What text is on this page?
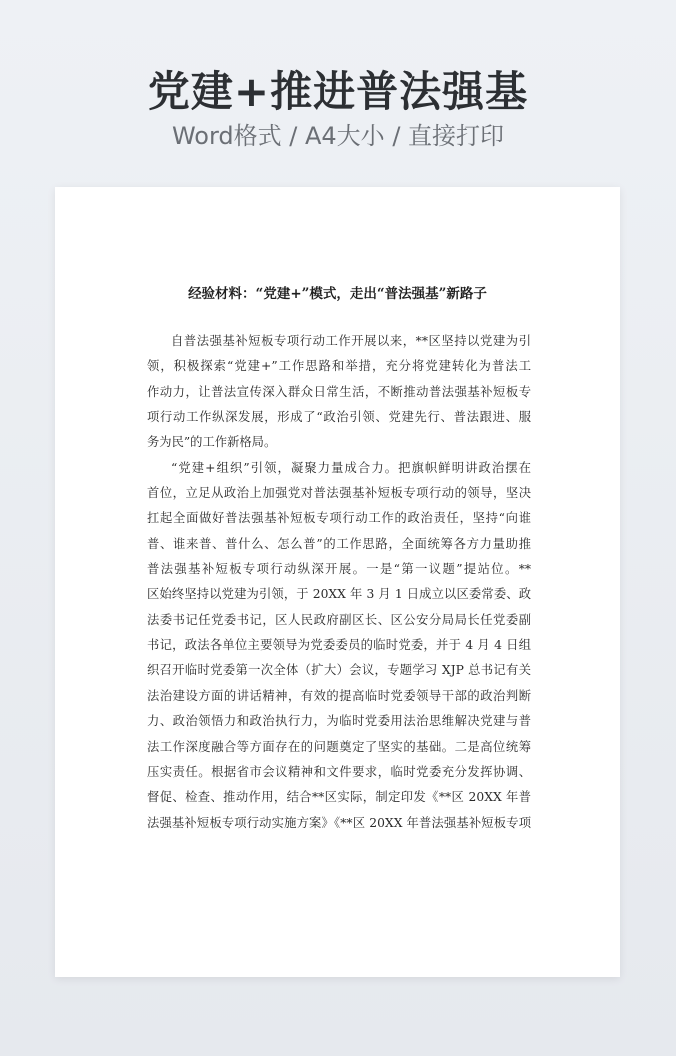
党建+推进普法强基
Word格式 / A4大小 / 直接打印
经验材料：“党建+”模式，走出“普法强基”新路子
自普法强基补短板专项行动工作开展以来，**区坚持以党建为引
领，积极探索“党建+”工作思路和举措，充分将党建转化为普法工
作动力，让普法宣传深入群众日常生活，不断推动普法强基补短板专
项行动工作纵深发展，形成了“政治引领、党建先行、普法跟进、服
务为民”的工作新格局。
“党建+组织”引领，凝聚力量成合力。把旗帜鲜明讲政治摆在
首位，立足从政治上加强党对普法强基补短板专项行动的领导，坚决
扛起全面做好普法强基补短板专项行动工作的政治责任，坚持“向谁
普、谁来普、普什么、怎么普”的工作思路，全面统筹各方力量助推
普法强基补短板专项行动纵深开展。一是“第一议题”提站位。**
区始终坚持以党建为引领，于 20XX 年 3 月 1 日成立以区委常委、政
法委书记任党委书记，区人民政府副区长、区公安分局局长任党委副
书记，政法各单位主要领导为党委委员的临时党委，并于 4 月 4 日组
织召开临时党委第一次全体（扩大）会议，专题学习 XJP 总书记有关
法治建设方面的讲话精神，有效的提高临时党委领导干部的政治判断
力、政治领悟力和政治执行力，为临时党委用法治思维解决党建与普
法工作深度融合等方面存在的问题奠定了坚实的基础。二是高位统筹
压实责任。根据省市会议精神和文件要求，临时党委充分发挥协调、
督促、检查、推动作用，结合**区实际，制定印发《**区 20XX 年普
法强基补短板专项行动实施方案》《**区 20XX 年普法强基补短板专项
